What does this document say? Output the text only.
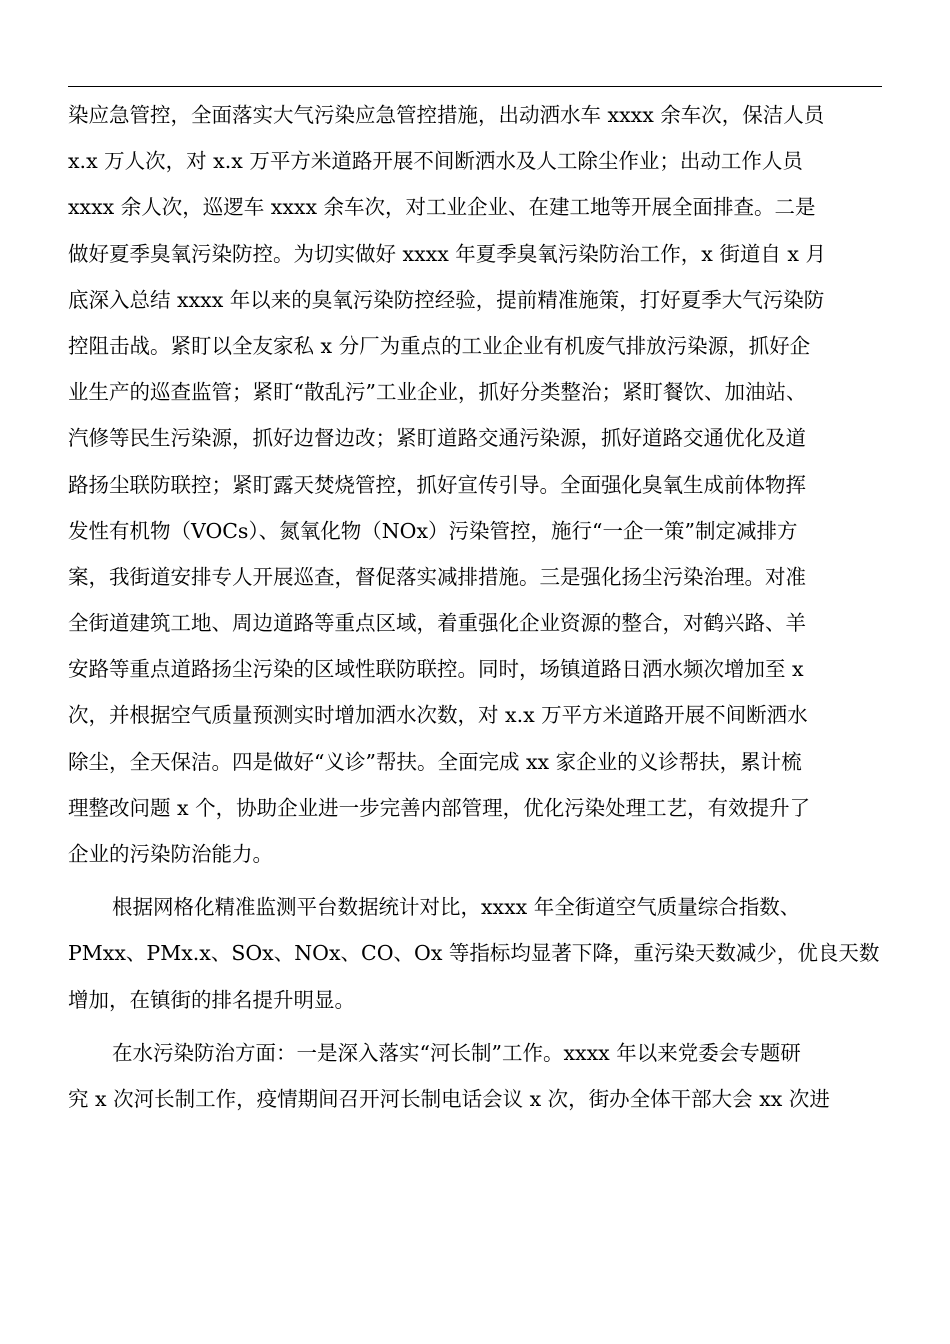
染应急管控，全面落实大气污染应急管控措施，出动洒水车 xxxx 余车次，保洁人员
x.x 万人次，对 x.x 万平方米道路开展不间断洒水及人工除尘作业；出动工作人员
xxxx 余人次，巡逻车 xxxx 余车次，对工业企业、在建工地等开展全面排查。二是
做好夏季臭氧污染防控。为切实做好 xxxx 年夏季臭氧污染防治工作，x 街道自 x 月
底深入总结 xxxx 年以来的臭氧污染防控经验，提前精准施策，打好夏季大气污染防
控阻击战。紧盯以全友家私 x 分厂为重点的工业企业有机废气排放污染源，抓好企
业生产的巡查监管；紧盯“散乱污”工业企业，抓好分类整治；紧盯餐饮、加油站、
汽修等民生污染源，抓好边督边改；紧盯道路交通污染源，抓好道路交通优化及道
路扬尘联防联控；紧盯露天焚烧管控，抓好宣传引导。全面强化臭氧生成前体物挥
发性有机物（VOCs）、氮氧化物（NOx）污染管控，施行“一企一策”制定减排方
案，我街道安排专人开展巡查，督促落实减排措施。三是强化扬尘污染治理。对准
全街道建筑工地、周边道路等重点区域，着重强化企业资源的整合，对鹤兴路、羊
安路等重点道路扬尘污染的区域性联防联控。同时，场镇道路日洒水频次增加至 x
次，并根据空气质量预测实时增加洒水次数，对 x.x 万平方米道路开展不间断洒水
除尘，全天保洁。四是做好“义诊”帮扶。全面完成 xx 家企业的义诊帮扶，累计梳
理整改问题 x 个，协助企业进一步完善内部管理，优化污染处理工艺，有效提升了
企业的污染防治能力。
根据网格化精准监测平台数据统计对比，xxxx 年全街道空气质量综合指数、
PMxx、PMx.x、SOx、NOx、CO、Ox 等指标均显著下降，重污染天数减少，优良天数
增加，在镇街的排名提升明显。
在水污染防治方面：一是深入落实“河长制”工作。xxxx 年以来党委会专题研
究 x 次河长制工作，疫情期间召开河长制电话会议 x 次，街办全体干部大会 xx 次进
